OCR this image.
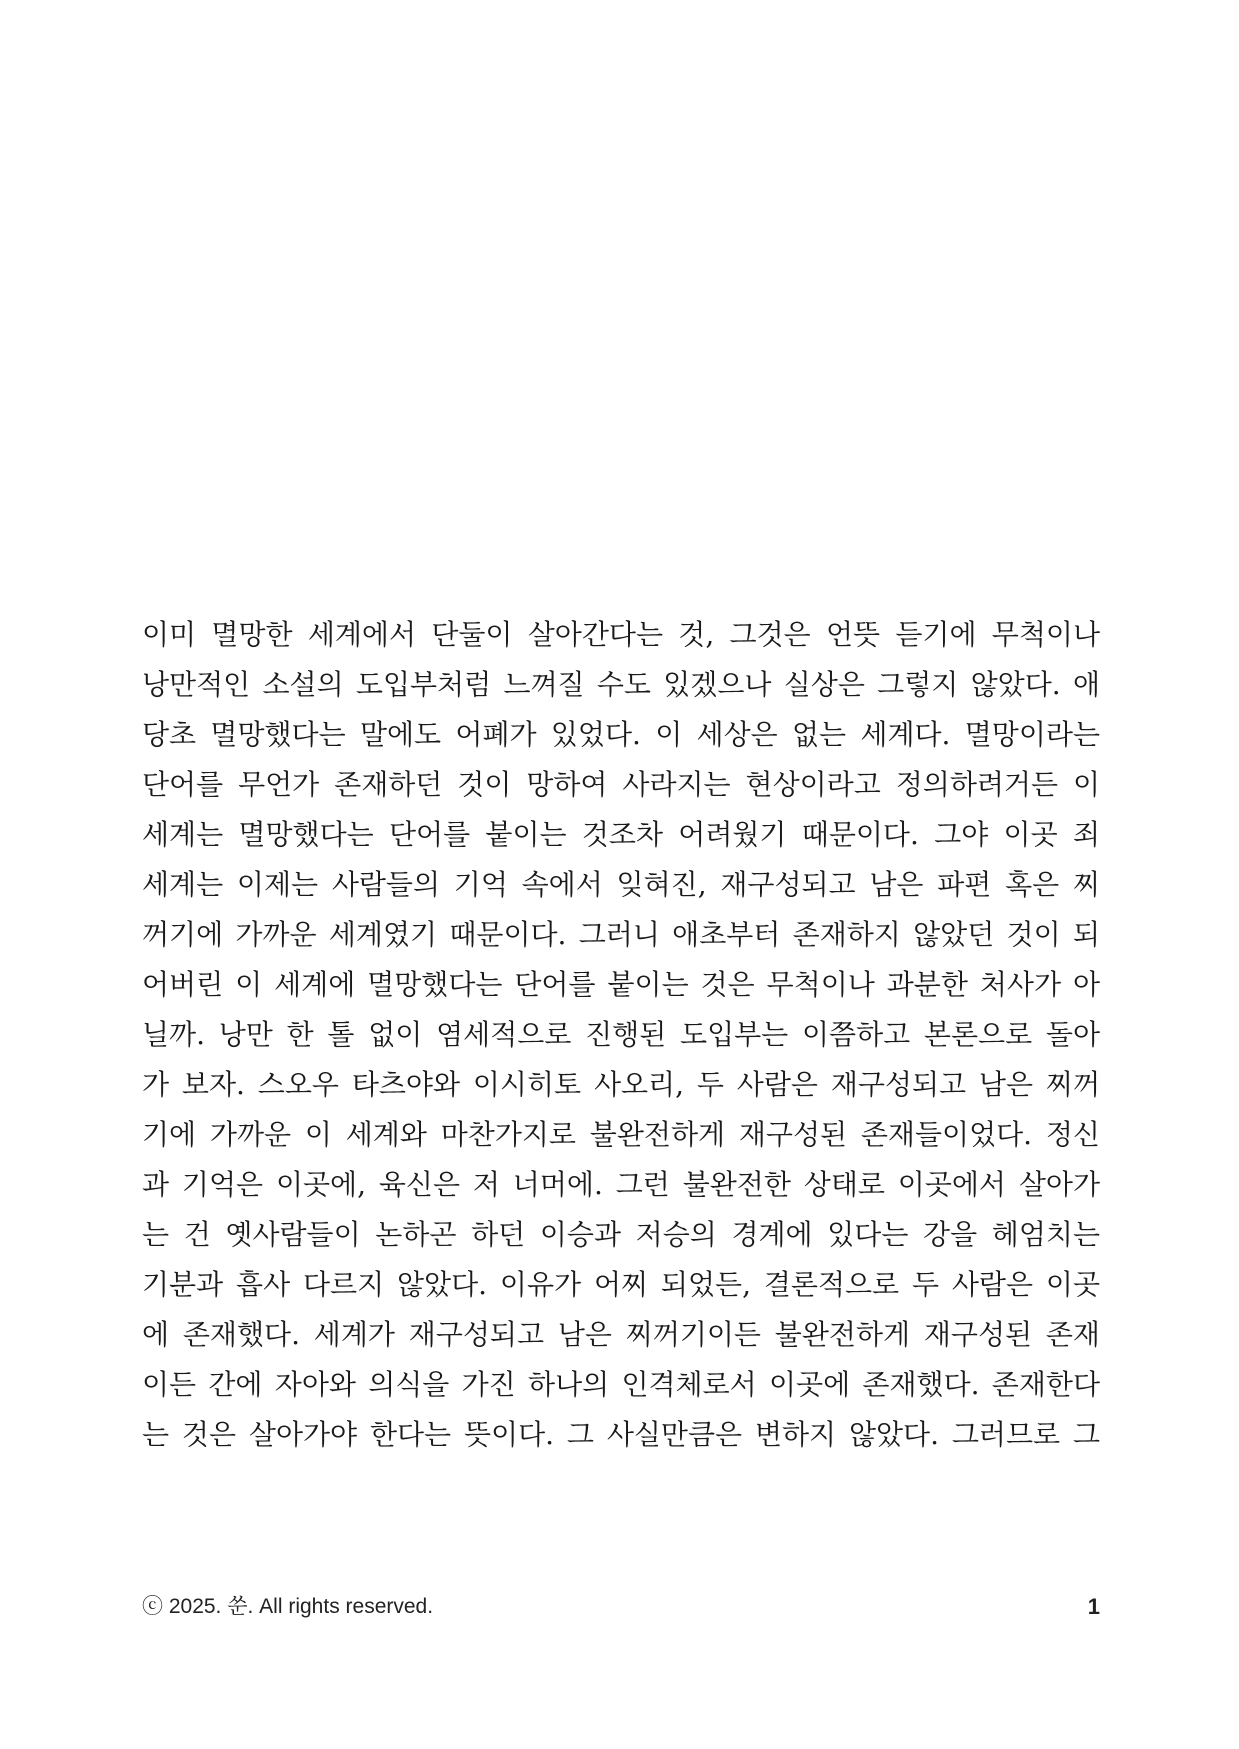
이미 멸망한 세계에서 단둘이 살아간다는 것, 그것은 언뜻 듣기에 무척이나
낭만적인 소설의 도입부처럼 느껴질 수도 있겠으나 실상은 그렇지 않았다. 애
당초 멸망했다는 말에도 어폐가 있었다. 이 세상은 없는 세계다. 멸망이라는
단어를 무언가 존재하던 것이 망하여 사라지는 현상이라고 정의하려거든 이
세계는 멸망했다는 단어를 붙이는 것조차 어려웠기 때문이다. 그야 이곳 죄
세계는 이제는 사람들의 기억 속에서 잊혀진, 재구성되고 남은 파편 혹은 찌
꺼기에 가까운 세계였기 때문이다. 그러니 애초부터 존재하지 않았던 것이 되
어버린 이 세계에 멸망했다는 단어를 붙이는 것은 무척이나 과분한 처사가 아
닐까. 낭만 한 톨 없이 염세적으로 진행된 도입부는 이쯤하고 본론으로 돌아
가 보자. 스오우 타츠야와 이시히토 사오리, 두 사람은 재구성되고 남은 찌꺼
기에 가까운 이 세계와 마찬가지로 불완전하게 재구성된 존재들이었다. 정신
과 기억은 이곳에, 육신은 저 너머에. 그런 불완전한 상태로 이곳에서 살아가
는 건 옛사람들이 논하곤 하던 이승과 저승의 경계에 있다는 강을 헤엄치는
기분과 흡사 다르지 않았다. 이유가 어찌 되었든, 결론적으로 두 사람은 이곳
에 존재했다. 세계가 재구성되고 남은 찌꺼기이든 불완전하게 재구성된 존재
이든 간에 자아와 의식을 가진 하나의 인격체로서 이곳에 존재했다. 존재한다
는 것은 살아가야 한다는 뜻이다. 그 사실만큼은 변하지 않았다. 그러므로 그
ⓒ 2025. 쑨. All rights reserved.	1
